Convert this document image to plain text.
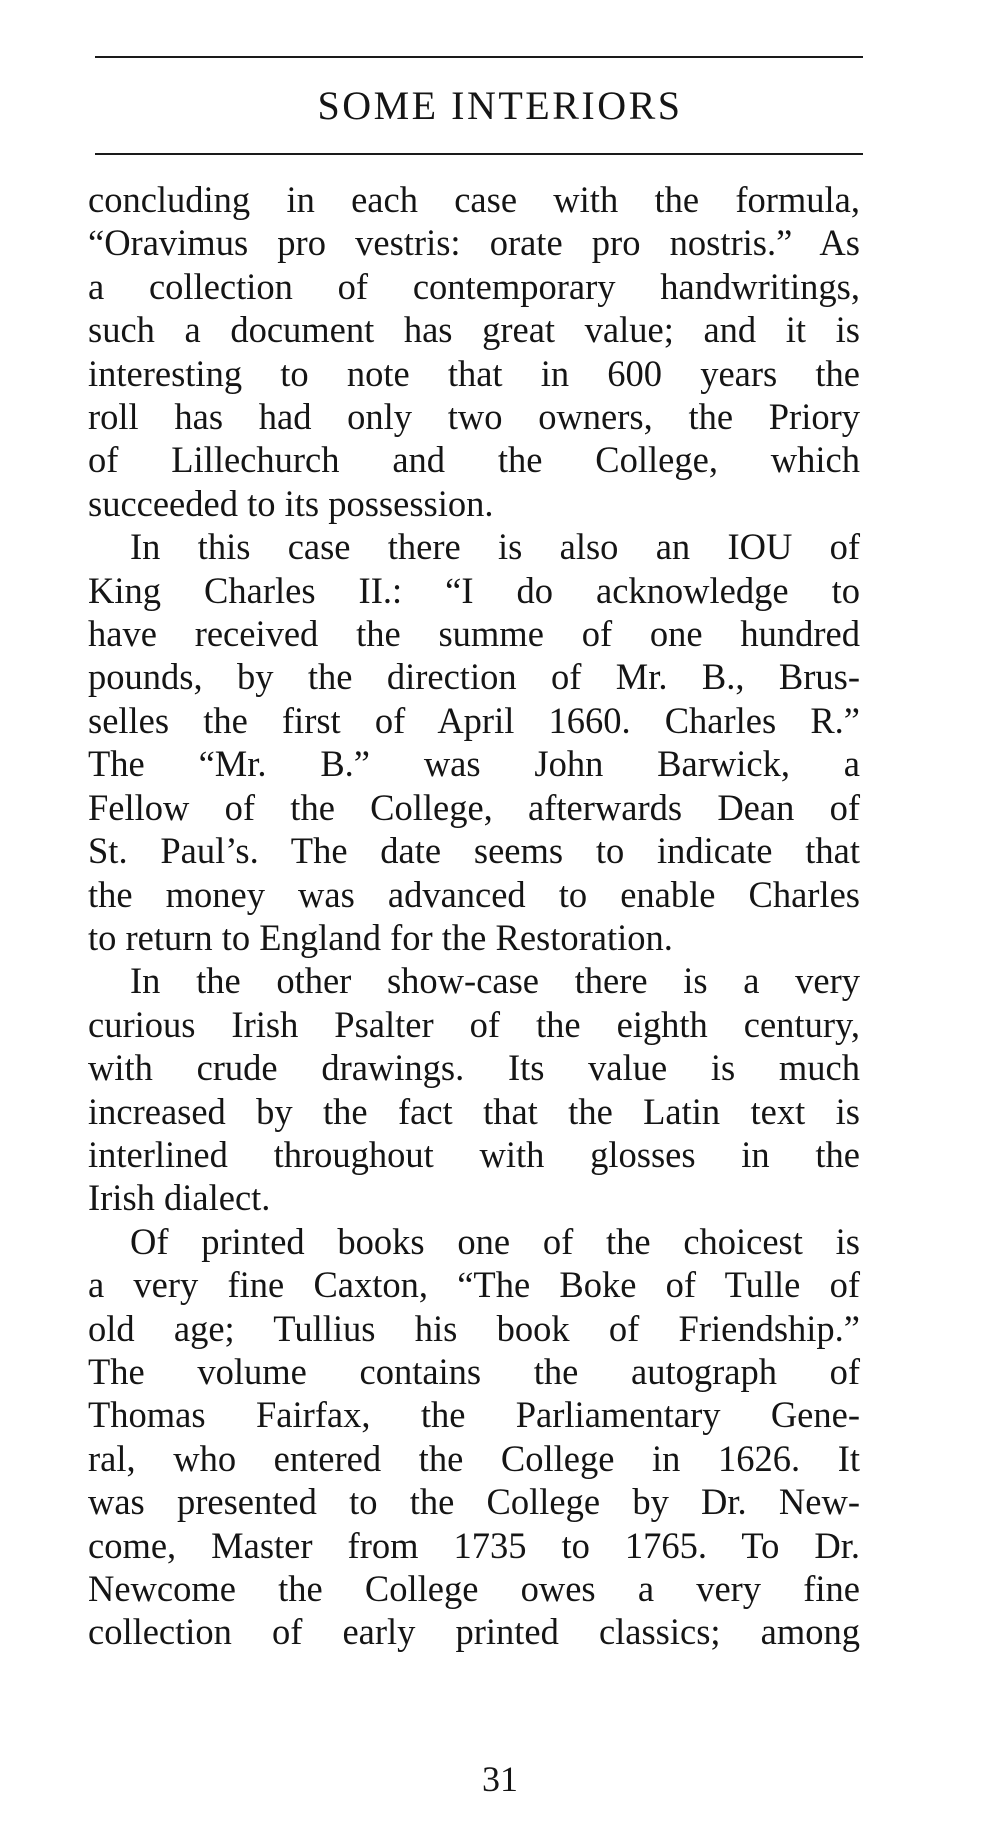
SOME INTERIORS
concluding in each case with the formula,
“Oravimus pro vestris: orate pro nostris.” As
a collection of contemporary handwritings,
such a document has great value; and it is
interesting to note that in 600 years the
roll has had only two owners, the Priory
of Lillechurch and the College, which
succeeded to its possession.
In this case there is also an IOU of
King Charles II.: “I do acknowledge to
have received the summe of one hundred
pounds, by the direction of Mr. B., Brus-
selles the first of April 1660. Charles R.”
The “Mr. B.” was John Barwick, a
Fellow of the College, afterwards Dean of
St. Paul’s. The date seems to indicate that
the money was advanced to enable Charles
to return to England for the Restoration.
In the other show-case there is a very
curious Irish Psalter of the eighth century,
with crude drawings. Its value is much
increased by the fact that the Latin text is
interlined throughout with glosses in the
Irish dialect.
Of printed books one of the choicest is
a very fine Caxton, “The Boke of Tulle of
old age; Tullius his book of Friendship.”
The volume contains the autograph of
Thomas Fairfax, the Parliamentary Gene-
ral, who entered the College in 1626. It
was presented to the College by Dr. New-
come, Master from 1735 to 1765. To Dr.
Newcome the College owes a very fine
collection of early printed classics; among
31
